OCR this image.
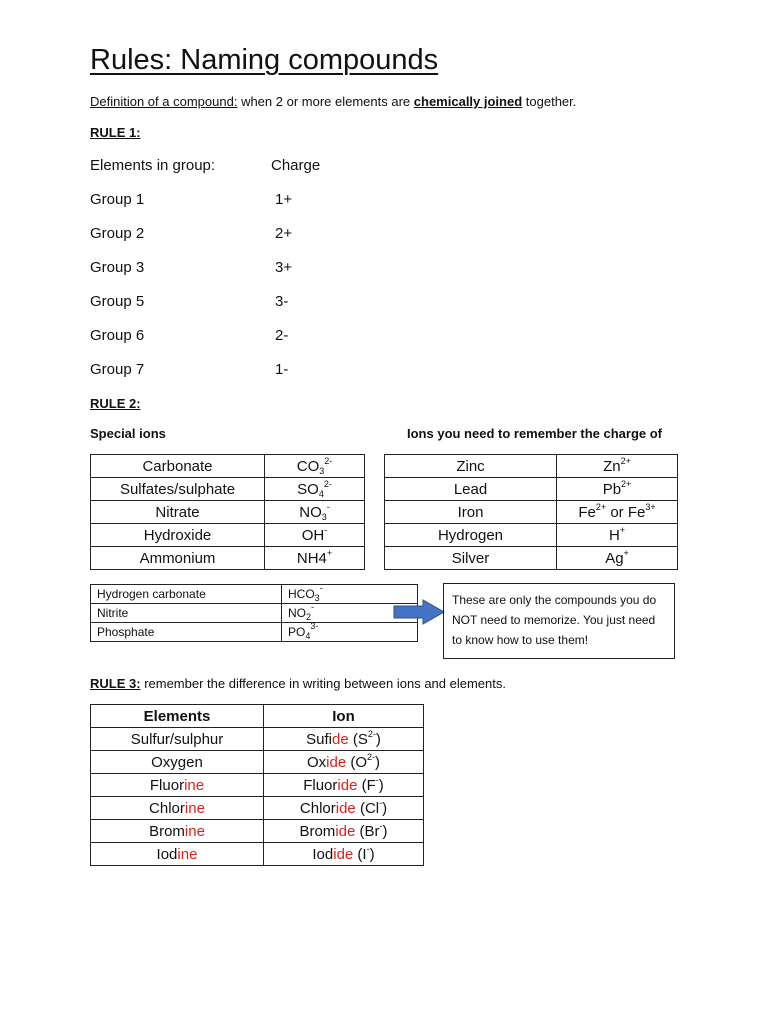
Rules: Naming compounds
Definition of a compound: when 2 or more elements are chemically joined together.
RULE 1:
Elements in group:	Charge
Group 1	1+
Group 2	2+
Group 3	3+
Group 5	3-
Group 6	2-
Group 7	1-
RULE 2:
Special ions	Ions you need to remember the charge of
Carbonate	$CO_3^{2-}$
Sulfates/sulphate	$SO_4^{2-}$
Nitrate	$NO_3^-$
Hydroxide	OH-
Ammonium	NH4+
Zinc	$Zn^{2+}$
Lead	$Pb^{2+}$
Iron	$Fe^{2+}$ or $Fe^{3+}$
Hydrogen	H+
Silver	Ag+
Hydrogen carbonate	$HCO_3^-$
Nitrite	$NO_2^-$
Phosphate	$PO_4^{3-}$
These are only the compounds you do NOT need to memorize. You just need to know how to use them!
RULE 3: remember the difference in writing between ions and elements.
Elements	Ion
Sulfur/sulphur	Sufide $(S^{2-})$
Oxygen	Oxide $(O^{2-})$
Fluorine	Fluoride (F-)
Chlorine	Chloride (Cl-)
Bromine	Bromide (Br-)
Iodine	Iodide (I-)
